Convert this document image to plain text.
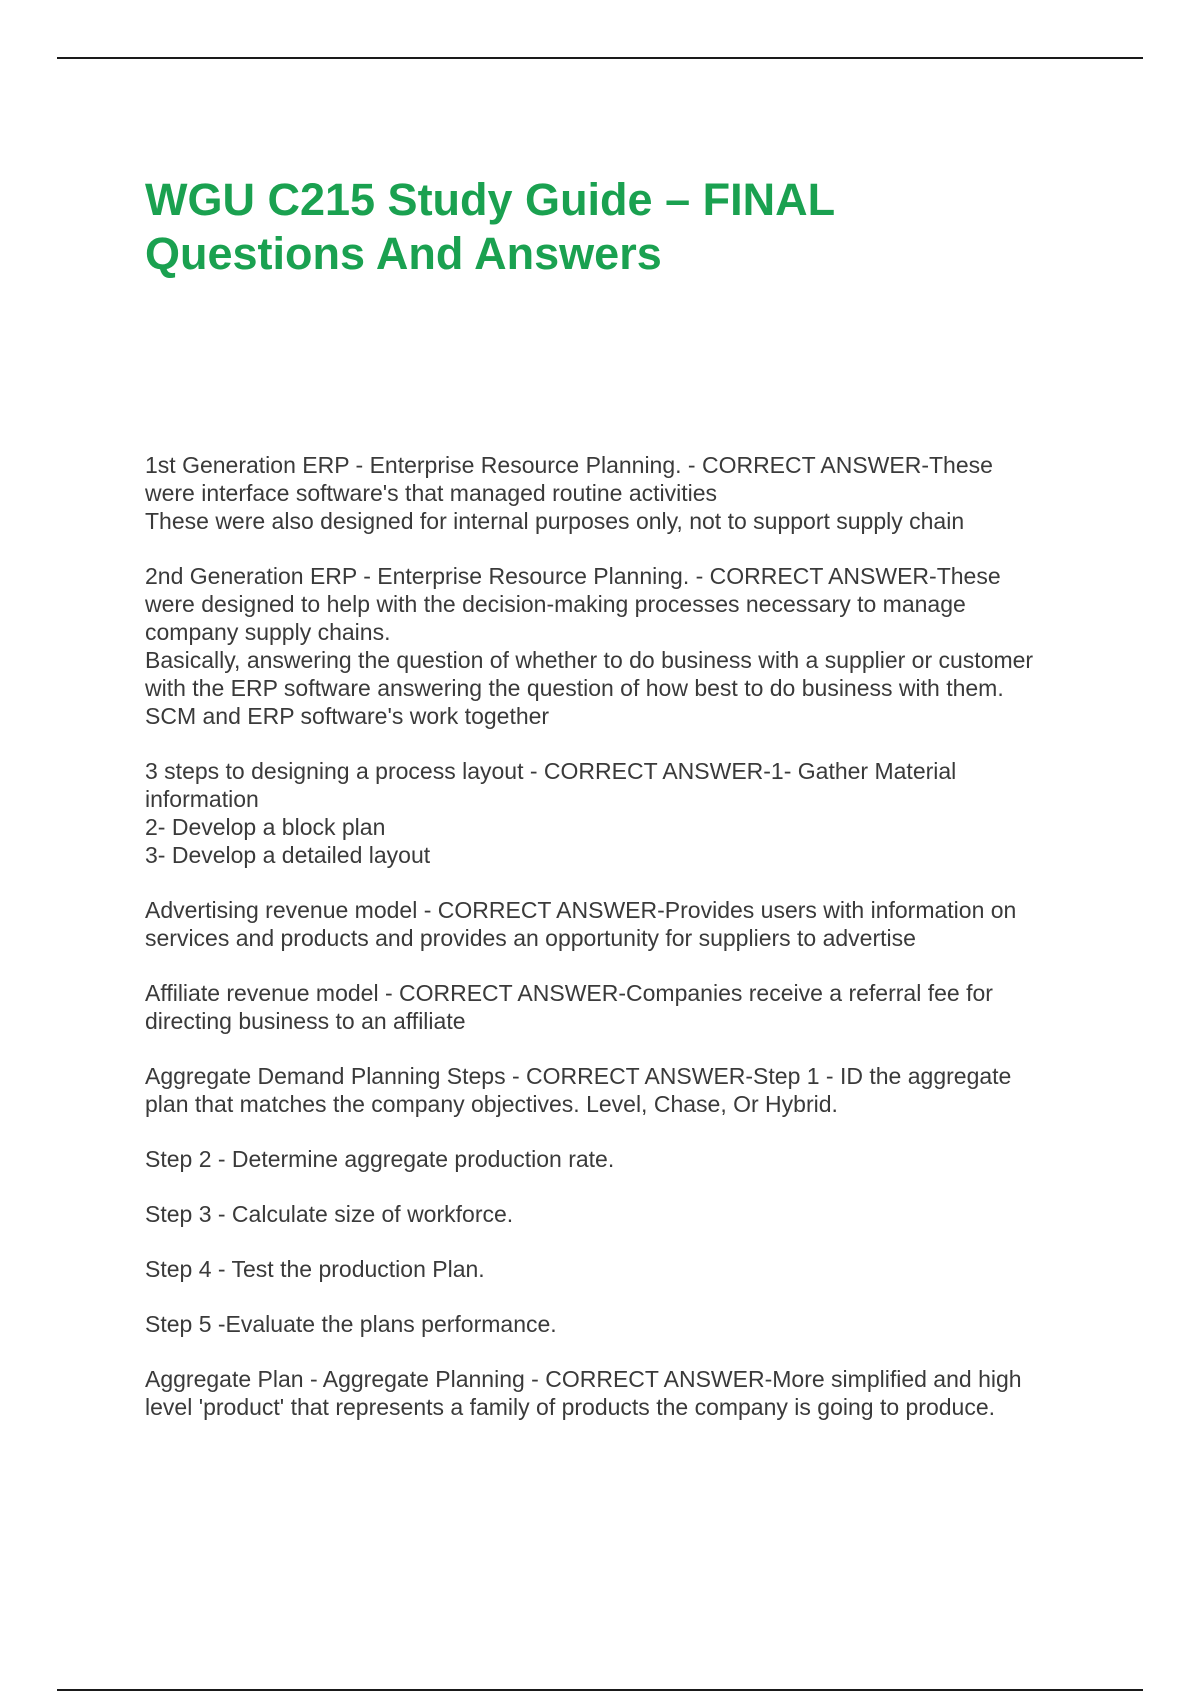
WGU C215 Study Guide – FINAL
Questions And Answers
1st Generation ERP - Enterprise Resource Planning. - CORRECT ANSWER-These
were interface software's that managed routine activities
These were also designed for internal purposes only, not to support supply chain
2nd Generation ERP - Enterprise Resource Planning. - CORRECT ANSWER-These
were designed to help with the decision-making processes necessary to manage
company supply chains.
Basically, answering the question of whether to do business with a supplier or customer
with the ERP software answering the question of how best to do business with them.
SCM and ERP software's work together
3 steps to designing a process layout - CORRECT ANSWER-1- Gather Material
information
2- Develop a block plan
3- Develop a detailed layout
Advertising revenue model - CORRECT ANSWER-Provides users with information on
services and products and provides an opportunity for suppliers to advertise
Affiliate revenue model - CORRECT ANSWER-Companies receive a referral fee for
directing business to an affiliate
Aggregate Demand Planning Steps - CORRECT ANSWER-Step 1 - ID the aggregate
plan that matches the company objectives. Level, Chase, Or Hybrid.
Step 2 - Determine aggregate production rate.
Step 3 - Calculate size of workforce.
Step 4 - Test the production Plan.
Step 5 -Evaluate the plans performance.
Aggregate Plan - Aggregate Planning - CORRECT ANSWER-More simplified and high
level 'product' that represents a family of products the company is going to produce.
